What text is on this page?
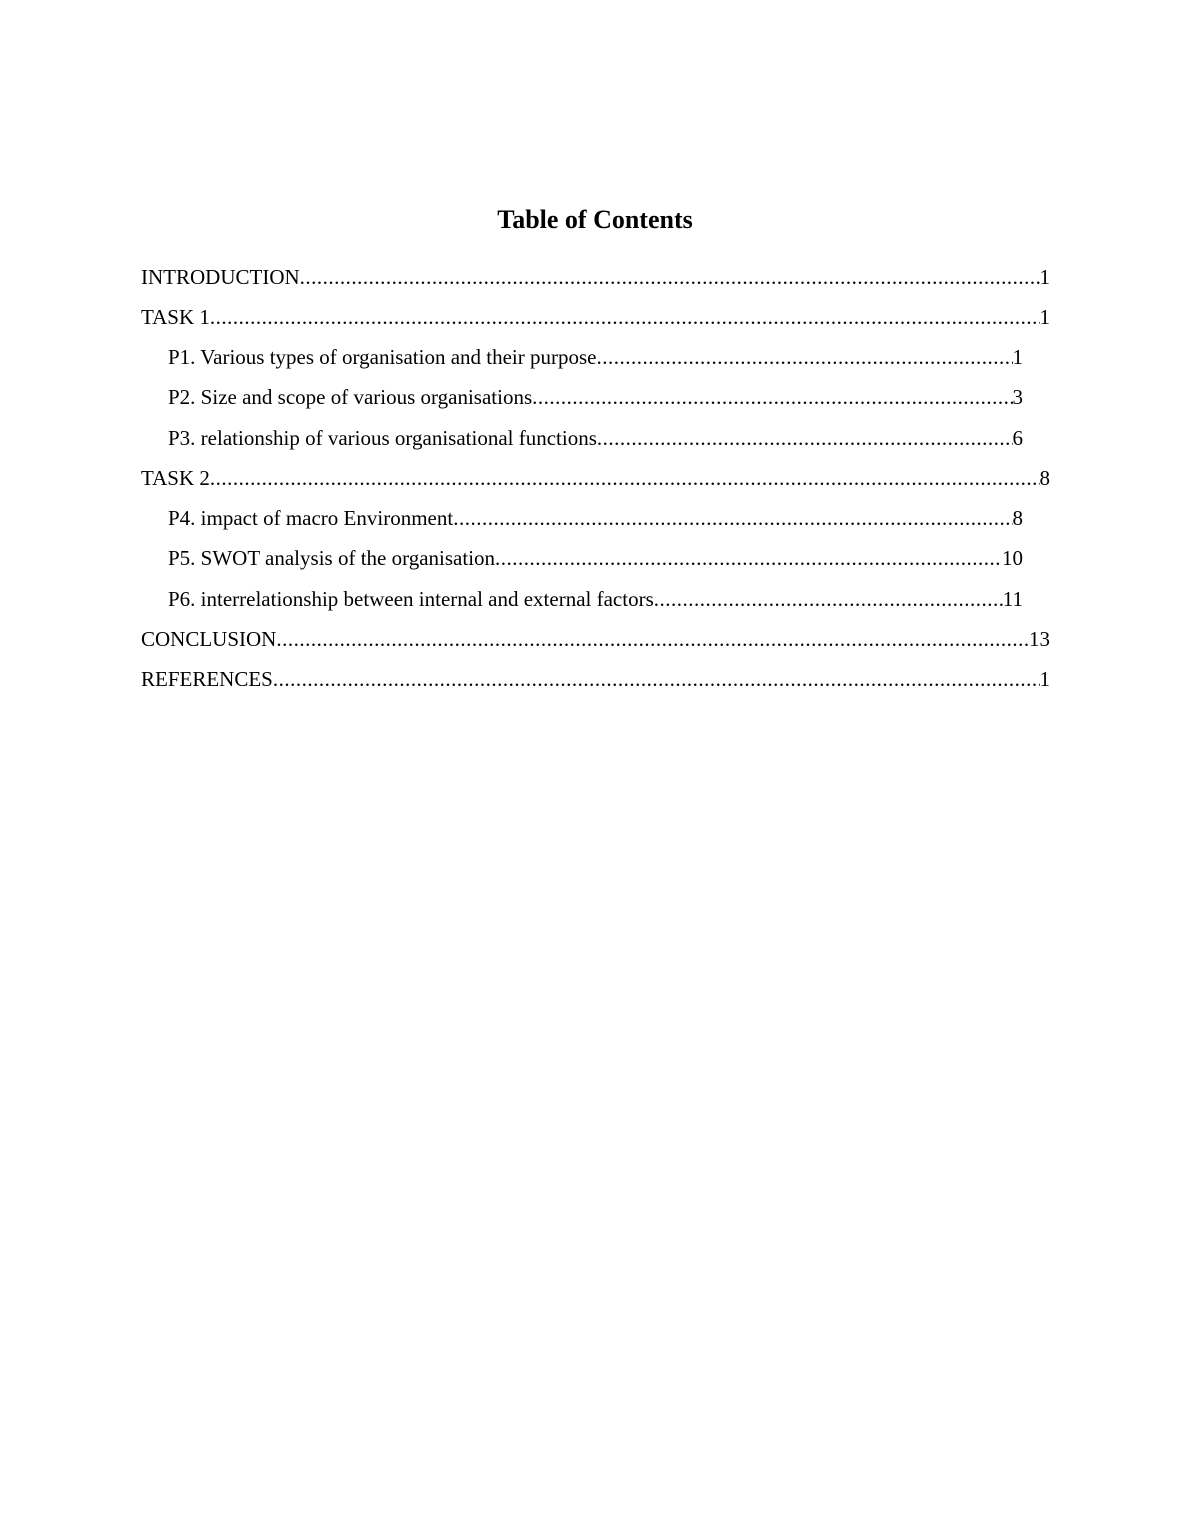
Table of Contents
INTRODUCTION .....	1
TASK 1 .....	1
P1. Various types of organisation and their purpose .....	1
P2. Size and scope of various organisations .....	3
P3. relationship of various organisational functions .....	6
TASK 2 .....	8
P4. impact of macro Environment .....	8
P5. SWOT analysis of the organisation .....	10
P6. interrelationship between internal and external factors .....	11
CONCLUSION .....	13
REFERENCES .....	1
